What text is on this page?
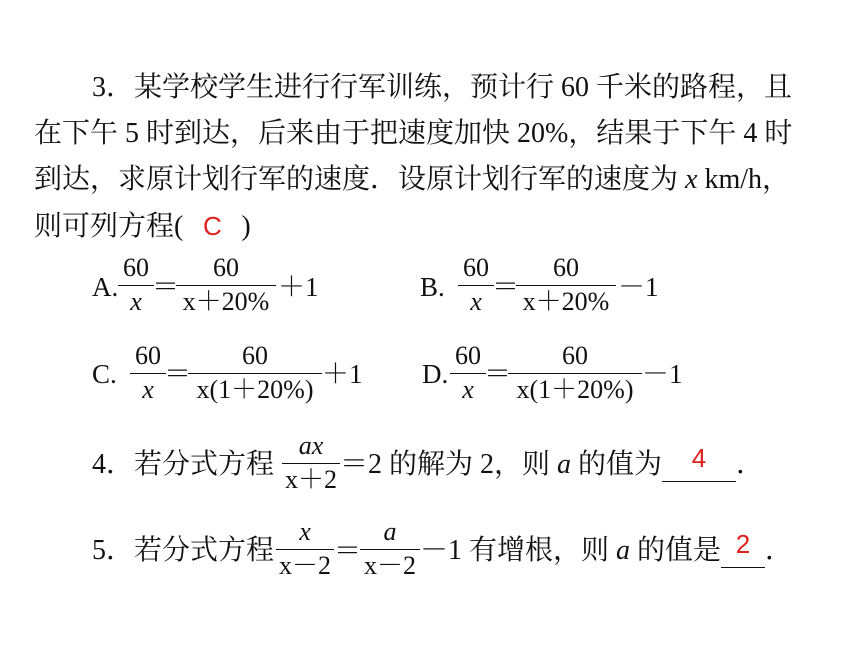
3．某学校学生进行行军训练，预计行 60 千米的路程，且
在下午 5 时到达，后来由于把速度加快 20%，结果于下午 4 时
到达，求原计划行军的速度．设原计划行军的速度为 x km/h，
则可列方程( C )
A.
60
x ＝
60
x＋20% ＋1	B.
60
x ＝
60
x＋20% －1
C.
60
x
＝
60
x(1＋20%)
＋1 D.
60
x
＝
60
x(1＋20%)
－1
4．若分式方程
ax
x＋2 ＝2 的解为 2，则 a 的值为	4	．
5．若分式方程
x
x－2 ＝
a
x－2 －1 有增根，则 a 的值是 2 ．
